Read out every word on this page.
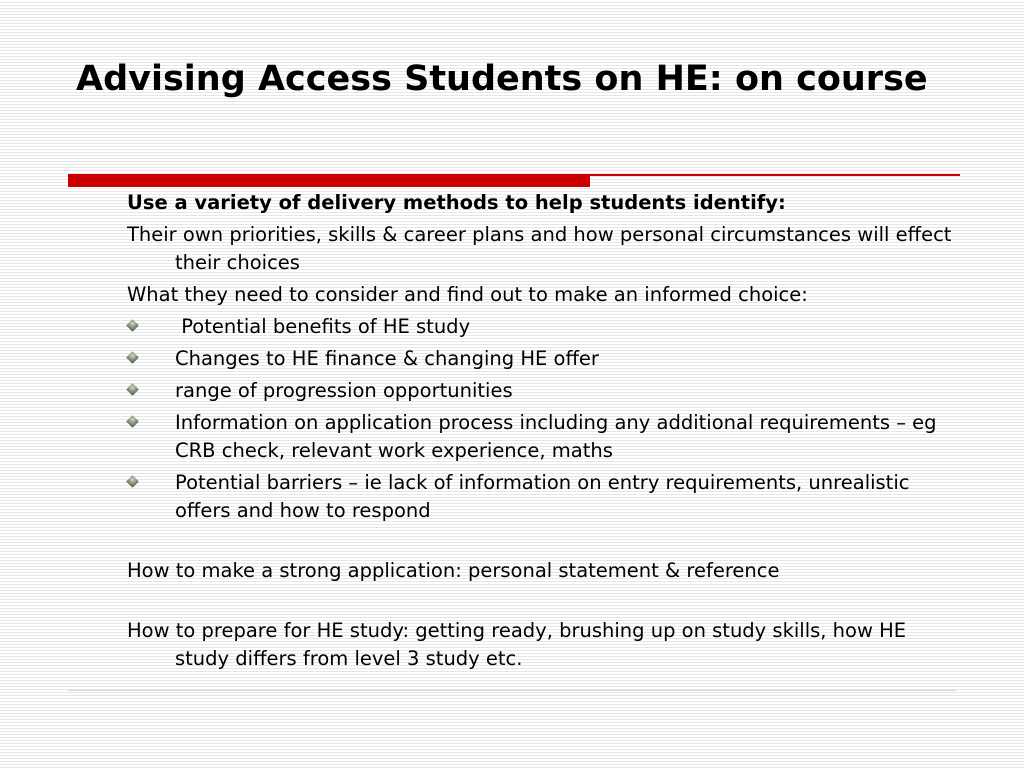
Advising Access Students on HE: on course

Use a variety of delivery methods to help students identify:

Their own priorities, skills & career plans and how personal circumstances will effect their choices

What they need to consider and find out to make an informed choice:

Potential benefits of HE study
Changes to HE finance & changing HE offer
range of progression opportunities
Information on application process including any additional requirements – eg CRB check, relevant work experience, maths
Potential barriers – ie lack of information on entry requirements, unrealistic offers and how to respond

How to make a strong application: personal statement & reference

How to prepare for HE study: getting ready, brushing up on study skills, how HE study differs from level 3 study etc.
